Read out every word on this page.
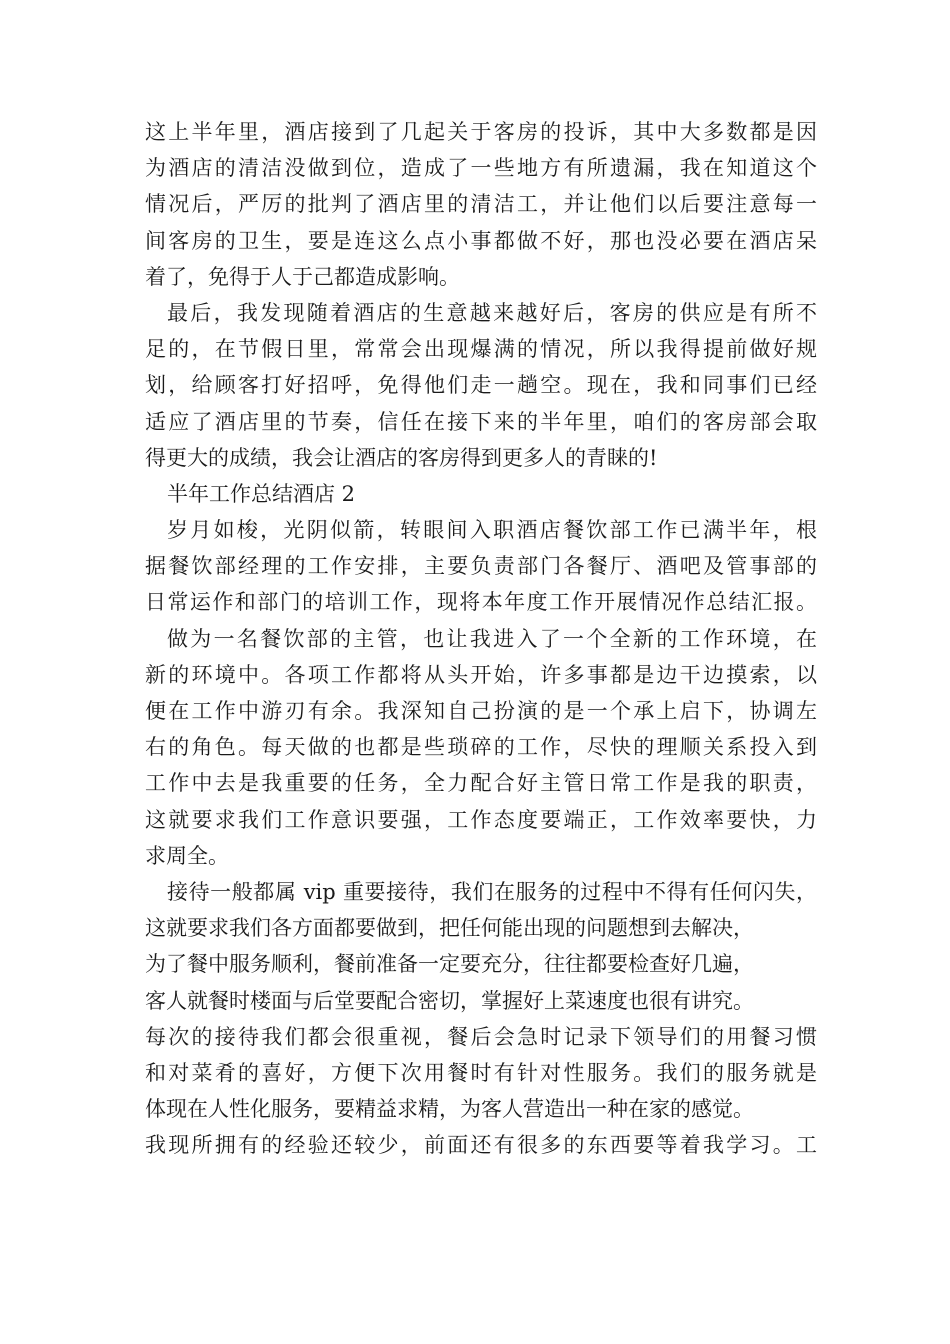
这上半年里，酒店接到了几起关于客房的投诉，其中大多数都是因
为酒店的清洁没做到位，造成了一些地方有所遗漏，我在知道这个
情况后，严厉的批判了酒店里的清洁工，并让他们以后要注意每一
间客房的卫生，要是连这么点小事都做不好，那也没必要在酒店呆
着了，免得于人于己都造成影响。
最后，我发现随着酒店的生意越来越好后，客房的供应是有所不
足的，在节假日里，常常会出现爆满的情况，所以我得提前做好规
划，给顾客打好招呼，免得他们走一趟空。现在，我和同事们已经
适应了酒店里的节奏，信任在接下来的半年里，咱们的客房部会取
得更大的成绩，我会让酒店的客房得到更多人的青睐的!
半年工作总结酒店 2
岁月如梭，光阴似箭，转眼间入职酒店餐饮部工作已满半年，根
据餐饮部经理的工作安排，主要负责部门各餐厅、酒吧及管事部的
日常运作和部门的培训工作，现将本年度工作开展情况作总结汇报。
做为一名餐饮部的主管，也让我进入了一个全新的工作环境，在
新的环境中。各项工作都将从头开始，许多事都是边干边摸索，以
便在工作中游刃有余。我深知自己扮演的是一个承上启下，协调左
右的角色。每天做的也都是些琐碎的工作，尽快的理顺关系投入到
工作中去是我重要的任务，全力配合好主管日常工作是我的职责，
这就要求我们工作意识要强，工作态度要端正，工作效率要快，力
求周全。
接待一般都属 vip 重要接待，我们在服务的过程中不得有任何闪失，
这就要求我们各方面都要做到，把任何能出现的问题想到去解决，
为了餐中服务顺利，餐前准备一定要充分，往往都要检查好几遍，
客人就餐时楼面与后堂要配合密切，掌握好上菜速度也很有讲究。
每次的接待我们都会很重视，餐后会急时记录下领导们的用餐习惯
和对菜肴的喜好，方便下次用餐时有针对性服务。我们的服务就是
体现在人性化服务，要精益求精，为客人营造出一种在家的感觉。
我现所拥有的经验还较少，前面还有很多的东西要等着我学习。工
